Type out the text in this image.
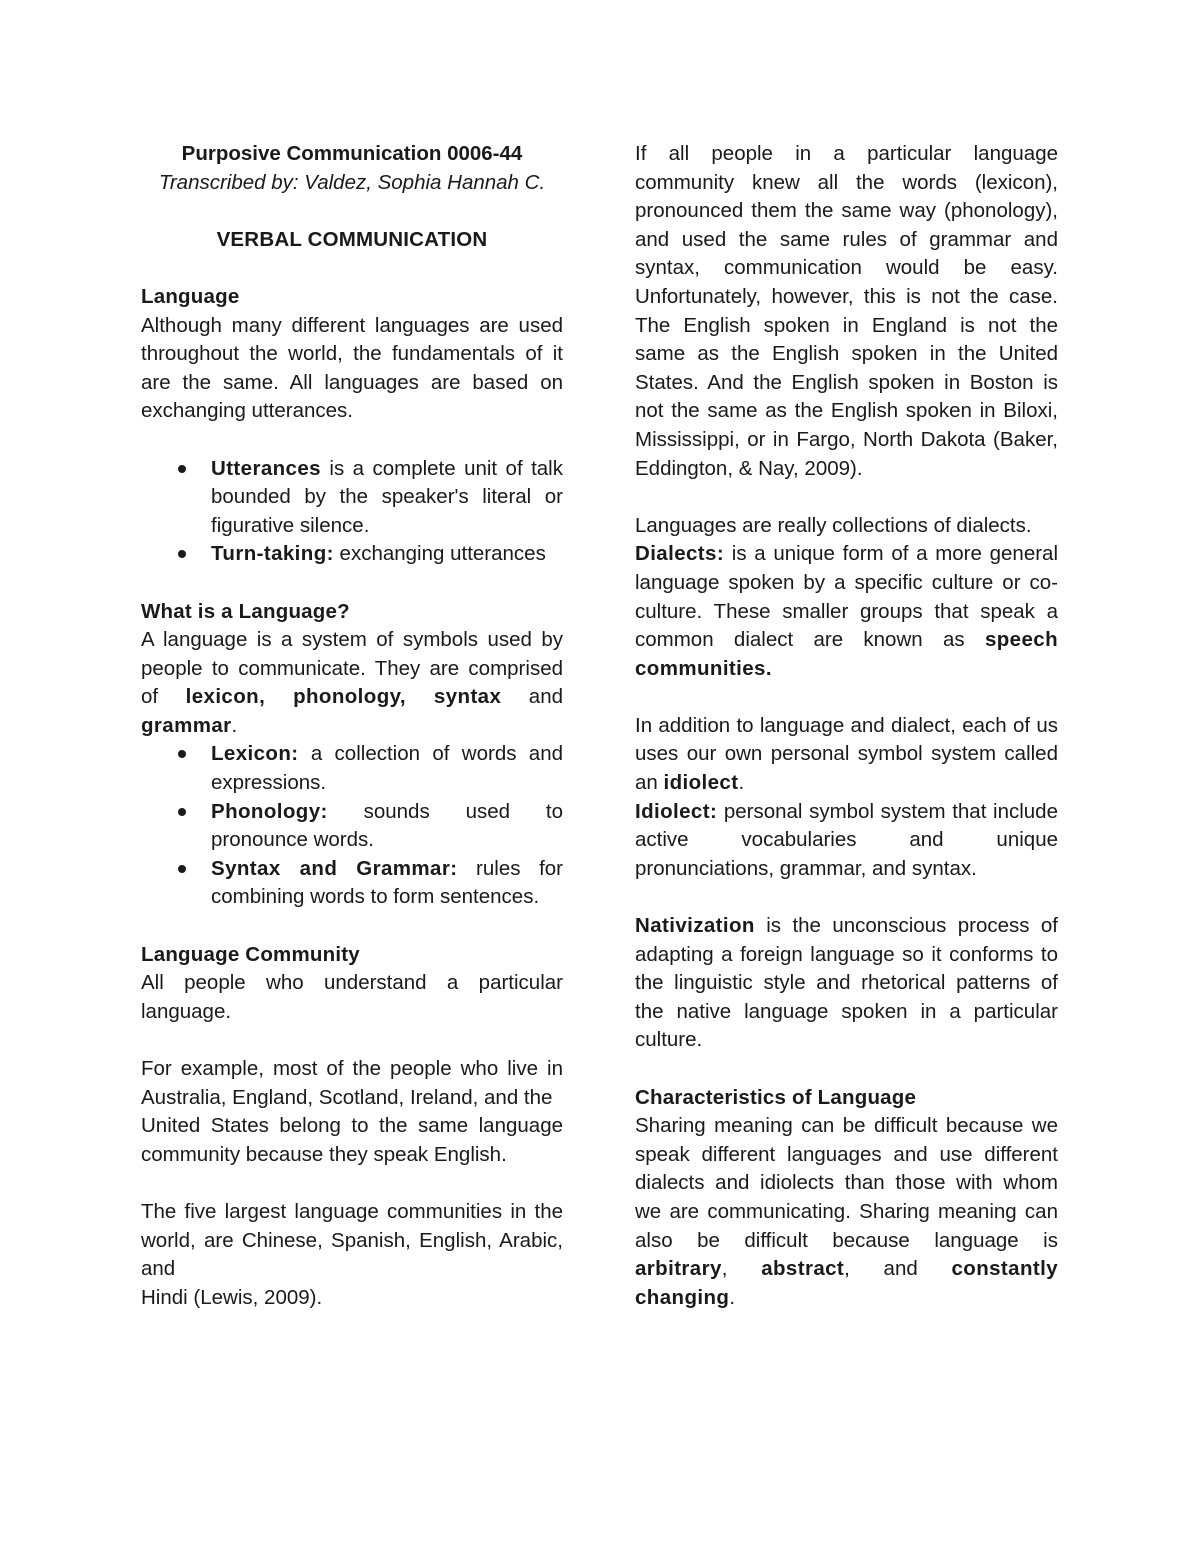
Purposive Communication 0006-44

Transcribed by: Valdez, Sophia Hannah C.

VERBAL COMMUNICATION

Language

Although many different languages are used throughout the world, the fundamentals of it are the same. All languages are based on exchanging utterances.

Utterances is a complete unit of talk bounded by the speaker's literal or figurative silence.
Turn-taking: exchanging utterances

What is a Language?

A language is a system of symbols used by people to communicate. They are comprised of lexicon, phonology, syntax and grammar.

Lexicon: a collection of words and expressions.
Phonology: sounds used to pronounce words.
Syntax and Grammar: rules for combining words to form sentences.

Language Community

All people who understand a particular language.

For example, most of the people who live in Australia, England, Scotland, Ireland, and the

United States belong to the same language community because they speak English.

The five largest language communities in the world, are Chinese, Spanish, English, Arabic, and

Hindi (Lewis, 2009).

If all people in a particular language community knew all the words (lexicon), pronounced them the same way (phonology), and used the same rules of grammar and syntax, communication would be easy. Unfortunately, however, this is not the case. The English spoken in England is not the same as the English spoken in the United States. And the English spoken in Boston is not the same as the English spoken in Biloxi, Mississippi, or in Fargo, North Dakota (Baker, Eddington, & Nay, 2009).

Languages are really collections of dialects.

Dialects: is a unique form of a more general language spoken by a specific culture or co-culture. These smaller groups that speak a common dialect are known as speech communities.

In addition to language and dialect, each of us uses our own personal symbol system called an idiolect.

Idiolect: personal symbol system that include active vocabularies and unique pronunciations, grammar, and syntax.

Nativization is the unconscious process of adapting a foreign language so it conforms to the linguistic style and rhetorical patterns of the native language spoken in a particular culture.

Characteristics of Language

Sharing meaning can be difficult because we speak different languages and use different dialects and idiolects than those with whom we are communicating. Sharing meaning can also be difficult because language is arbitrary, abstract, and constantly changing.
